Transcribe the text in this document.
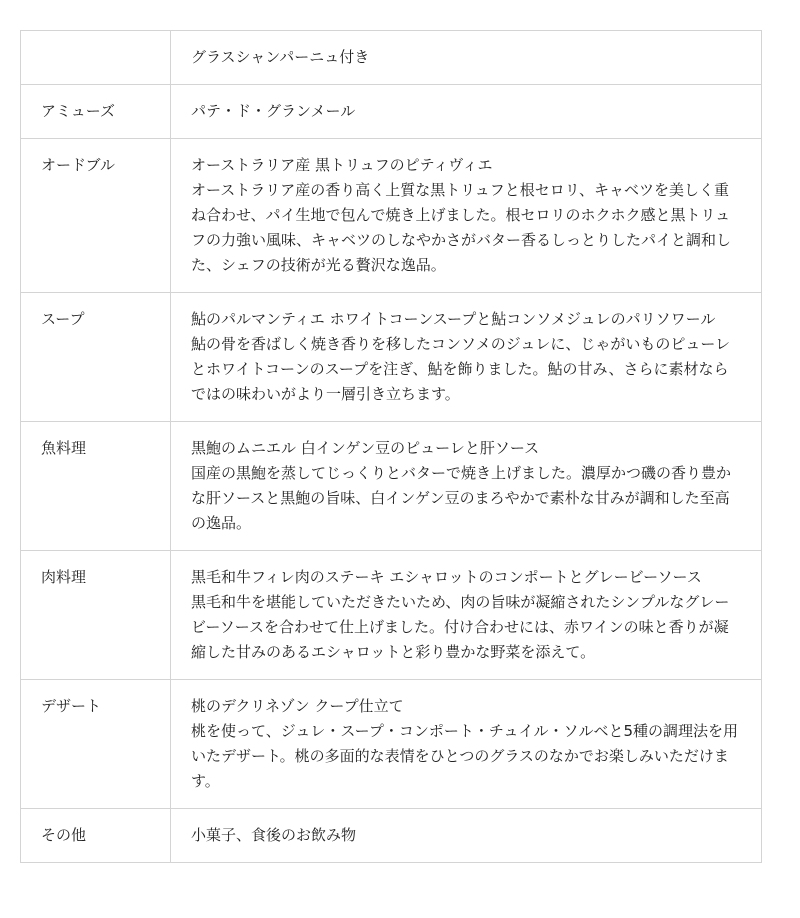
	グラスシャンパーニュ付き

アミューズ	パテ・ド・グランメール

オードブル	オーストラリア産 黒トリュフのピティヴィエ
オーストラリア産の香り高く上質な黒トリュフと根セロリ、キャベツを美しく重ね合わせ、パイ生地で包んで焼き上げました。根セロリのホクホク感と黒トリュフの力強い風味、キャベツのしなやかさがバター香るしっとりしたパイと調和した、シェフの技術が光る贅沢な逸品。

スープ	鮎のパルマンティエ ホワイトコーンスープと鮎コンソメジュレのパリソワール
鮎の骨を香ばしく焼き香りを移したコンソメのジュレに、じゃがいものピューレとホワイトコーンのスープを注ぎ、鮎を飾りました。鮎の甘み、さらに素材ならではの味わいがより一層引き立ちます。

魚料理	黒鮑のムニエル 白インゲン豆のピューレと肝ソース
国産の黒鮑を蒸してじっくりとバターで焼き上げました。濃厚かつ磯の香り豊かな肝ソースと黒鮑の旨味、白インゲン豆のまろやかで素朴な甘みが調和した至高の逸品。

肉料理	黒毛和牛フィレ肉のステーキ エシャロットのコンポートとグレービーソース
黒毛和牛を堪能していただきたいため、肉の旨味が凝縮されたシンプルなグレービーソースを合わせて仕上げました。付け合わせには、赤ワインの味と香りが凝縮した甘みのあるエシャロットと彩り豊かな野菜を添えて。

デザート	桃のデクリネゾン クープ仕立て
桃を使って、ジュレ・スープ・コンポート・チュイル・ソルベと5種の調理法を用いたデザート。桃の多面的な表情をひとつのグラスのなかでお楽しみいただけます。

その他	小菓子、食後のお飲み物
